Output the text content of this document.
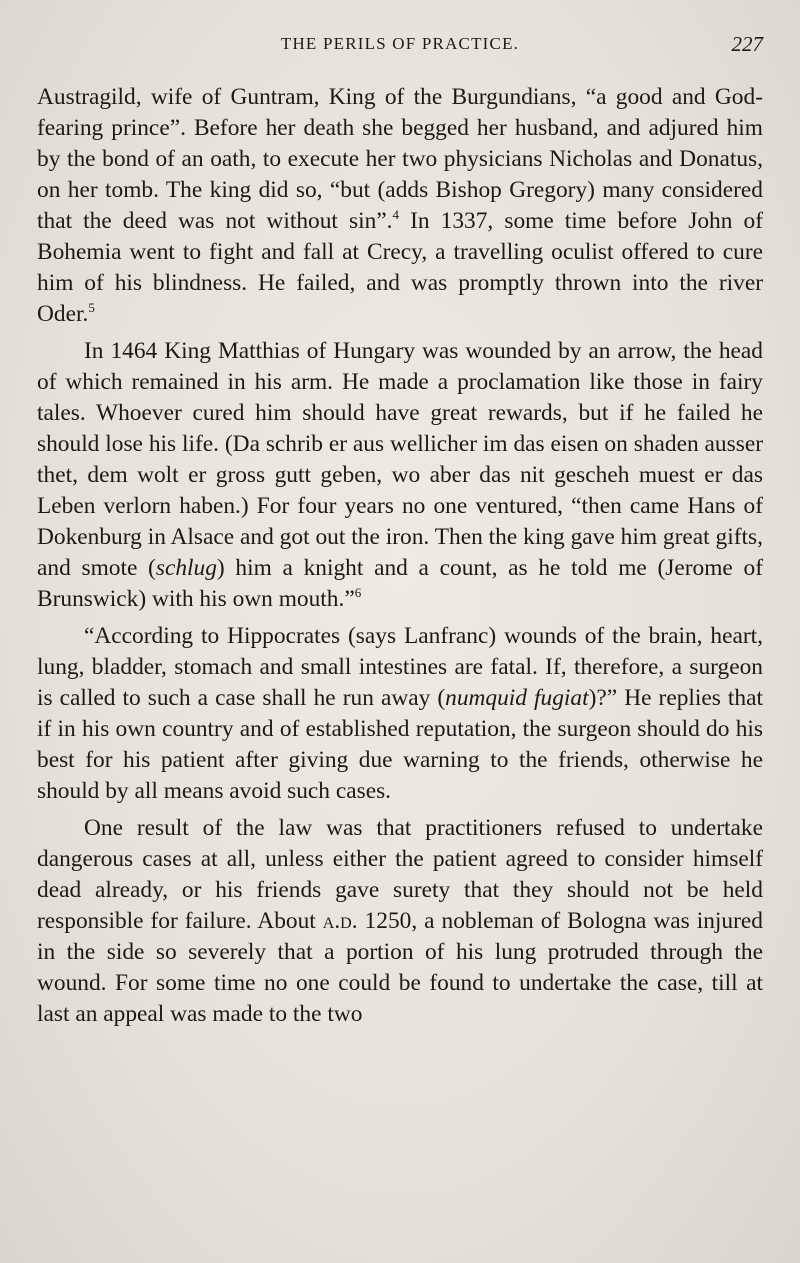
THE PERILS OF PRACTICE.	227

Austragild, wife of Guntram, King of the Burgundians, “a good and God-fearing prince”. Before her death she begged her husband, and adjured him by the bond of an oath, to execute her two physicians Nicholas and Donatus, on her tomb. The king did so, “but (adds Bishop Gregory) many considered that the deed was not without sin”.$^4$ In 1337, some time before John of Bohemia went to fight and fall at Crecy, a travelling oculist offered to cure him of his blindness. He failed, and was promptly thrown into the river Oder.$^5$

In 1464 King Matthias of Hungary was wounded by an arrow, the head of which remained in his arm. He made a proclamation like those in fairy tales. Whoever cured him should have great rewards, but if he failed he should lose his life. (Da schrib er aus wellicher im das eisen on shaden ausser thet, dem wolt er gross gutt geben, wo aber das nit gescheh muest er das Leben verlorn haben.) For four years no one ventured, “then came Hans of Dokenburg in Alsace and got out the iron. Then the king gave him great gifts, and smote (schlug) him a knight and a count, as he told me (Jerome of Brunswick) with his own mouth.”$^6$

“According to Hippocrates (says Lanfranc) wounds of the brain, heart, lung, bladder, stomach and small intestines are fatal. If, therefore, a surgeon is called to such a case shall he run away (numquid fugiat)?” He replies that if in his own country and of established reputation, the surgeon should do his best for his patient after giving due warning to the friends, otherwise he should by all means avoid such cases.

One result of the law was that practitioners refused to undertake dangerous cases at all, unless either the patient agreed to consider himself dead already, or his friends gave surety that they should not be held responsible for failure. About a.d. 1250, a nobleman of Bologna was injured in the side so severely that a portion of his lung protruded through the wound. For some time no one could be found to undertake the case, till at last an appeal was made to the two
